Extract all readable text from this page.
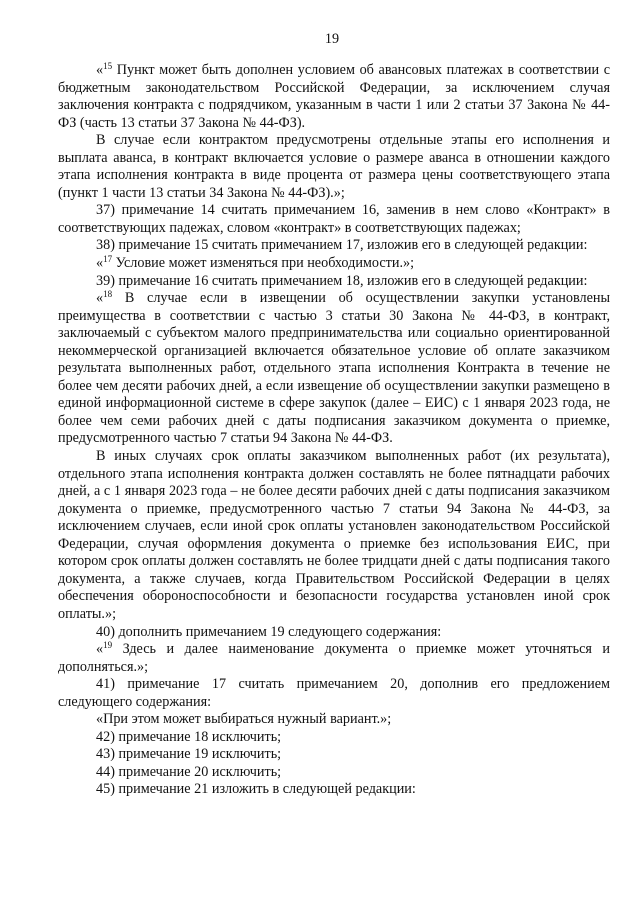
19

«$^{15}$ Пункт может быть дополнен условием об авансовых платежах в соответствии с бюджетным законодательством Российской Федерации, за исключением случая заключения контракта с подрядчиком, указанным в части 1 или 2 статьи 37 Закона № 44-ФЗ (часть 13 статьи 37 Закона № 44-ФЗ).

В случае если контрактом предусмотрены отдельные этапы его исполнения и выплата аванса, в контракт включается условие о размере аванса в отношении каждого этапа исполнения контракта в виде процента от размера цены соответствующего этапа (пункт 1 части 13 статьи 34 Закона № 44-ФЗ).»;

37) примечание 14 считать примечанием 16, заменив в нем слово «Контракт» в соответствующих падежах, словом «контракт» в соответствующих падежах;

38) примечание 15 считать примечанием 17, изложив его в следующей редакции:

«$^{17}$ Условие может изменяться при необходимости.»;

39) примечание 16 считать примечанием 18, изложив его в следующей редакции:

«$^{18}$ В случае если в извещении об осуществлении закупки установлены преимущества в соответствии с частью 3 статьи 30 Закона № 44-ФЗ, в контракт, заключаемый с субъектом малого предпринимательства или социально ориентированной некоммерческой организацией включается обязательное условие об оплате заказчиком результата выполненных работ, отдельного этапа исполнения Контракта в течение не более чем десяти рабочих дней, а если извещение об осуществлении закупки размещено в единой информационной системе в сфере закупок (далее – ЕИС) с 1 января 2023 года, не более чем семи рабочих дней с даты подписания заказчиком документа о приемке, предусмотренного частью 7 статьи 94 Закона № 44-ФЗ.

В иных случаях срок оплаты заказчиком выполненных работ (их результата), отдельного этапа исполнения контракта должен составлять не более пятнадцати рабочих дней, а с 1 января 2023 года – не более десяти рабочих дней с даты подписания заказчиком документа о приемке, предусмотренного частью 7 статьи 94 Закона № 44-ФЗ, за исключением случаев, если иной срок оплаты установлен законодательством Российской Федерации, случая оформления документа о приемке без использования ЕИС, при котором срок оплаты должен составлять не более тридцати дней с даты подписания такого документа, а также случаев, когда Правительством Российской Федерации в целях обеспечения обороноспособности и безопасности государства установлен иной срок оплаты.»;

40) дополнить примечанием 19 следующего содержания:

«$^{19}$ Здесь и далее наименование документа о приемке может уточняться и дополняться.»;

41) примечание 17 считать примечанием 20, дополнив его предложением следующего содержания:

«При этом может выбираться нужный вариант.»;

42) примечание 18 исключить;

43) примечание 19 исключить;

44) примечание 20 исключить;

45) примечание 21 изложить в следующей редакции:
